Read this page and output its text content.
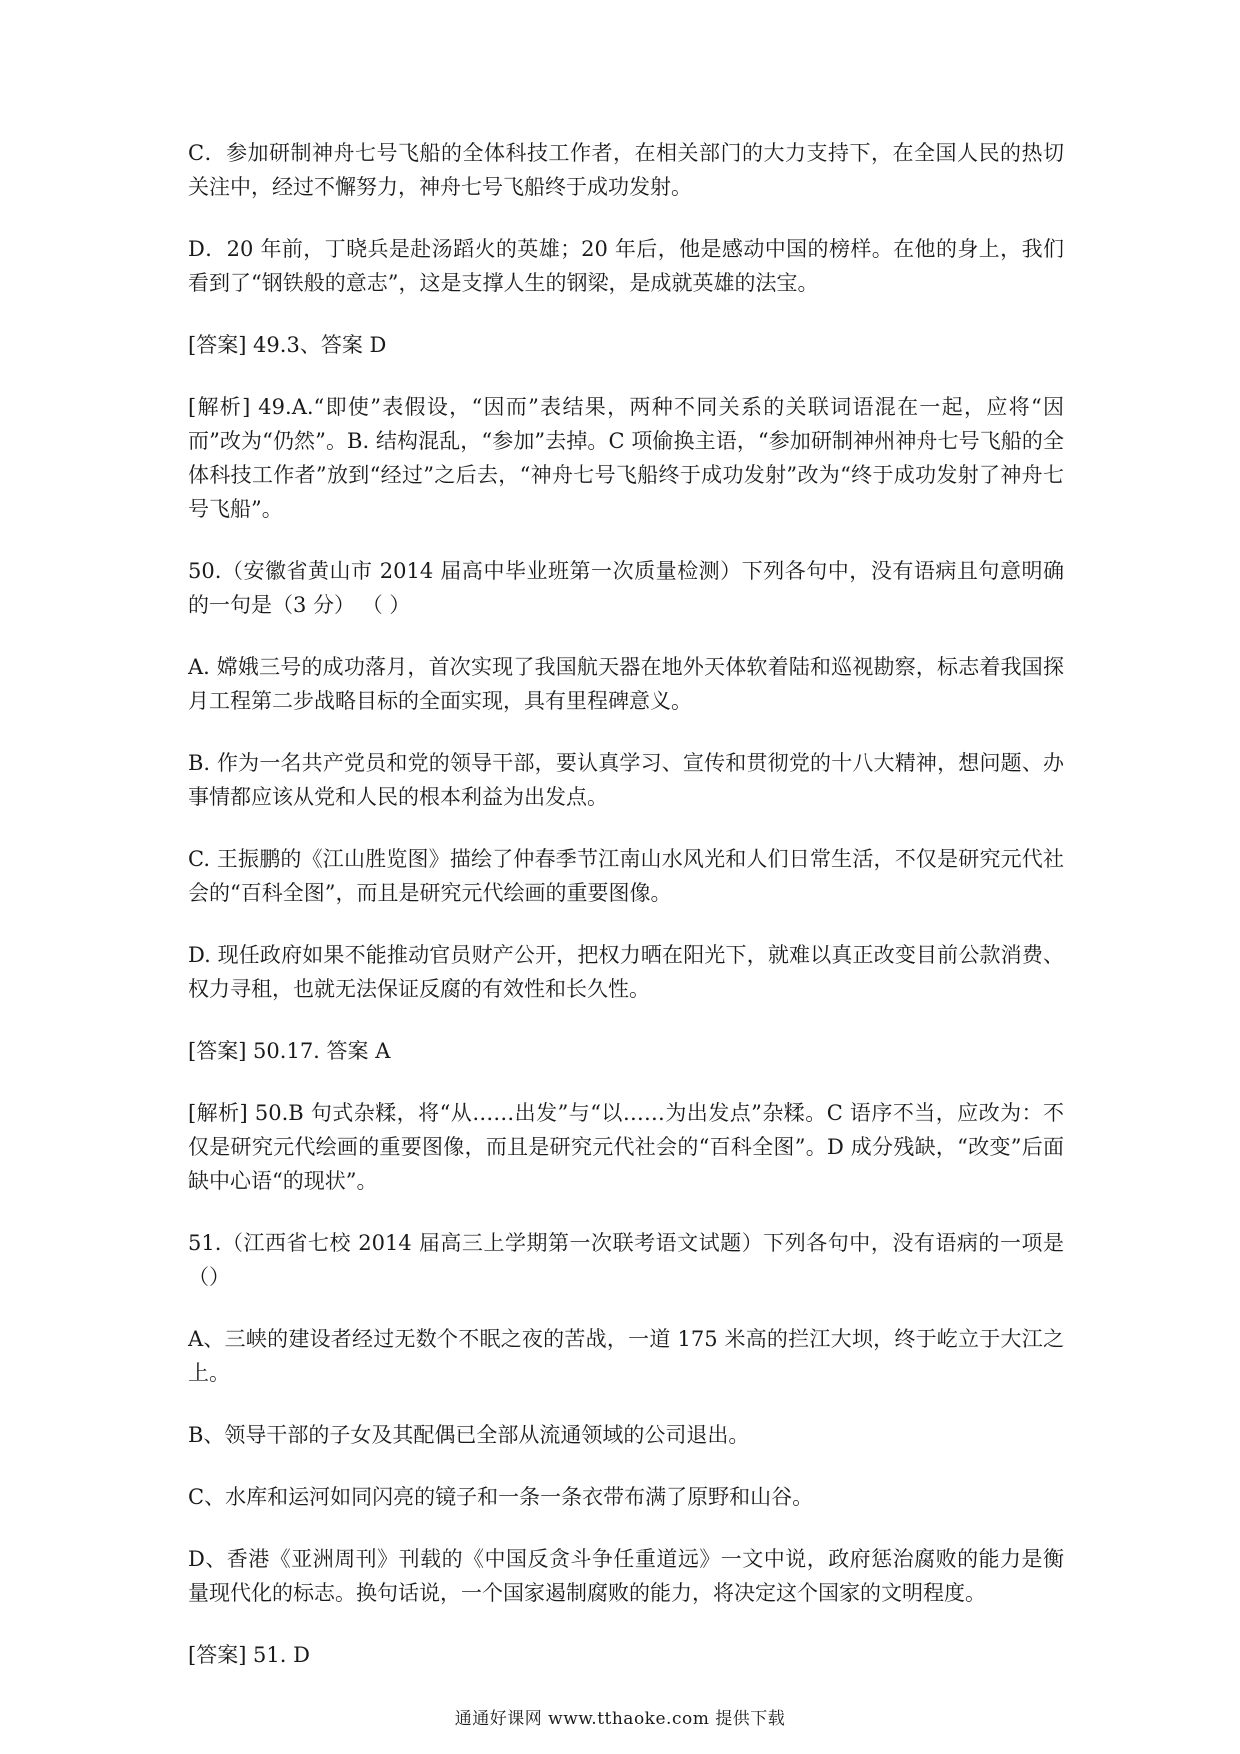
C．参加研制神舟七号飞船的全体科技工作者，在相关部门的大力支持下，在全国人民的热切关注中，经过不懈努力，神舟七号飞船终于成功发射。

D．20 年前，丁晓兵是赴汤蹈火的英雄；20 年后，他是感动中国的榜样。在他的身上，我们看到了“钢铁般的意志”，这是支撑人生的钢梁，是成就英雄的法宝。

[答案] 49.3、答案 D

[解析] 49.A.“即使”表假设，“因而”表结果，两种不同关系的关联词语混在一起，应将“因而”改为“仍然”。B. 结构混乱，“参加”去掉。C 项偷换主语，“参加研制神州神舟七号飞船的全体科技工作者”放到“经过”之后去，“神舟七号飞船终于成功发射”改为“终于成功发射了神舟七号飞船”。

50.（安徽省黄山市 2014 届高中毕业班第一次质量检测）下列各句中，没有语病且句意明确的一句是（3 分） （ ）

A. 嫦娥三号的成功落月，首次实现了我国航天器在地外天体软着陆和巡视勘察，标志着我国探月工程第二步战略目标的全面实现，具有里程碑意义。

B. 作为一名共产党员和党的领导干部，要认真学习、宣传和贯彻党的十八大精神，想问题、办事情都应该从党和人民的根本利益为出发点。

C. 王振鹏的《江山胜览图》描绘了仲春季节江南山水风光和人们日常生活，不仅是研究元代社会的“百科全图”，而且是研究元代绘画的重要图像。

D. 现任政府如果不能推动官员财产公开，把权力晒在阳光下，就难以真正改变目前公款消费、权力寻租，也就无法保证反腐的有效性和长久性。

[答案] 50.17. 答案 A

[解析] 50.B 句式杂糅，将“从……出发”与“以……为出发点”杂糅。C 语序不当，应改为：不仅是研究元代绘画的重要图像，而且是研究元代社会的“百科全图”。D 成分残缺，“改变”后面缺中心语“的现状”。

51.（江西省七校 2014 届高三上学期第一次联考语文试题）下列各句中，没有语病的一项是（）

A、三峡的建设者经过无数个不眠之夜的苦战，一道 175 米高的拦江大坝，终于屹立于大江之上。

B、领导干部的子女及其配偶已全部从流通领域的公司退出。

C、水库和运河如同闪亮的镜子和一条一条衣带布满了原野和山谷。

D、香港《亚洲周刊》刊载的《中国反贪斗争任重道远》一文中说，政府惩治腐败的能力是衡量现代化的标志。换句话说，一个国家遏制腐败的能力，将决定这个国家的文明程度。

[答案] 51. D

通通好课网 www.tthaoke.com 提供下载
